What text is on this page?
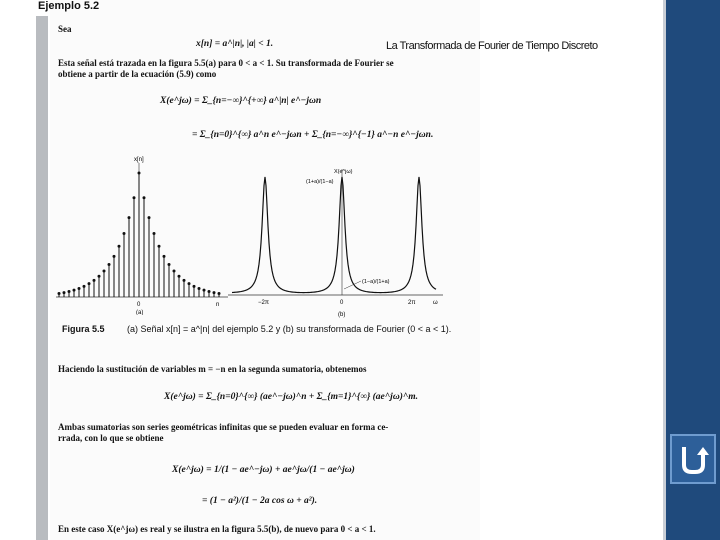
Ejemplo 5.2
La Transformada de Fourier de Tiempo Discreto
Sea
x[n] = a^|n|, |a| < 1.
Esta señal está trazada en la figura 5.5(a) para 0 < a < 1. Su transformada de Fourier se
obtiene a partir de la ecuación (5.9) como
X(e^jω) = Σ_{n=−∞}^{+∞} a^|n| e^−jωn
= Σ_{n=0}^{∞} a^n e^−jωn + Σ_{n=−∞}^{−1} a^−n e^−jωn.
x[n]
0	n
(a)
X(e^jω)
(1+a)/(1−a)
(1−a)/(1+a)
−2π	0	2π	ω
(b)
Figura 5.5 (a) Señal x[n] = a^|n| del ejemplo 5.2 y (b) su transformada de Fourier (0 < a < 1).
Haciendo la sustitución de variables m = −n en la segunda sumatoria, obtenemos
X(e^jω) = Σ_{n=0}^{∞} (ae^−jω)^n + Σ_{m=1}^{∞} (ae^jω)^m.
Ambas sumatorias son series geométricas infinitas que se pueden evaluar en forma ce-
rrada, con lo que se obtiene
X(e^jω) = 1/(1 − ae^−jω) + ae^jω/(1 − ae^jω)
= (1 − a²)/(1 − 2a cos ω + a²).
En este caso X(e^jω) es real y se ilustra en la figura 5.5(b), de nuevo para 0 < a < 1.
